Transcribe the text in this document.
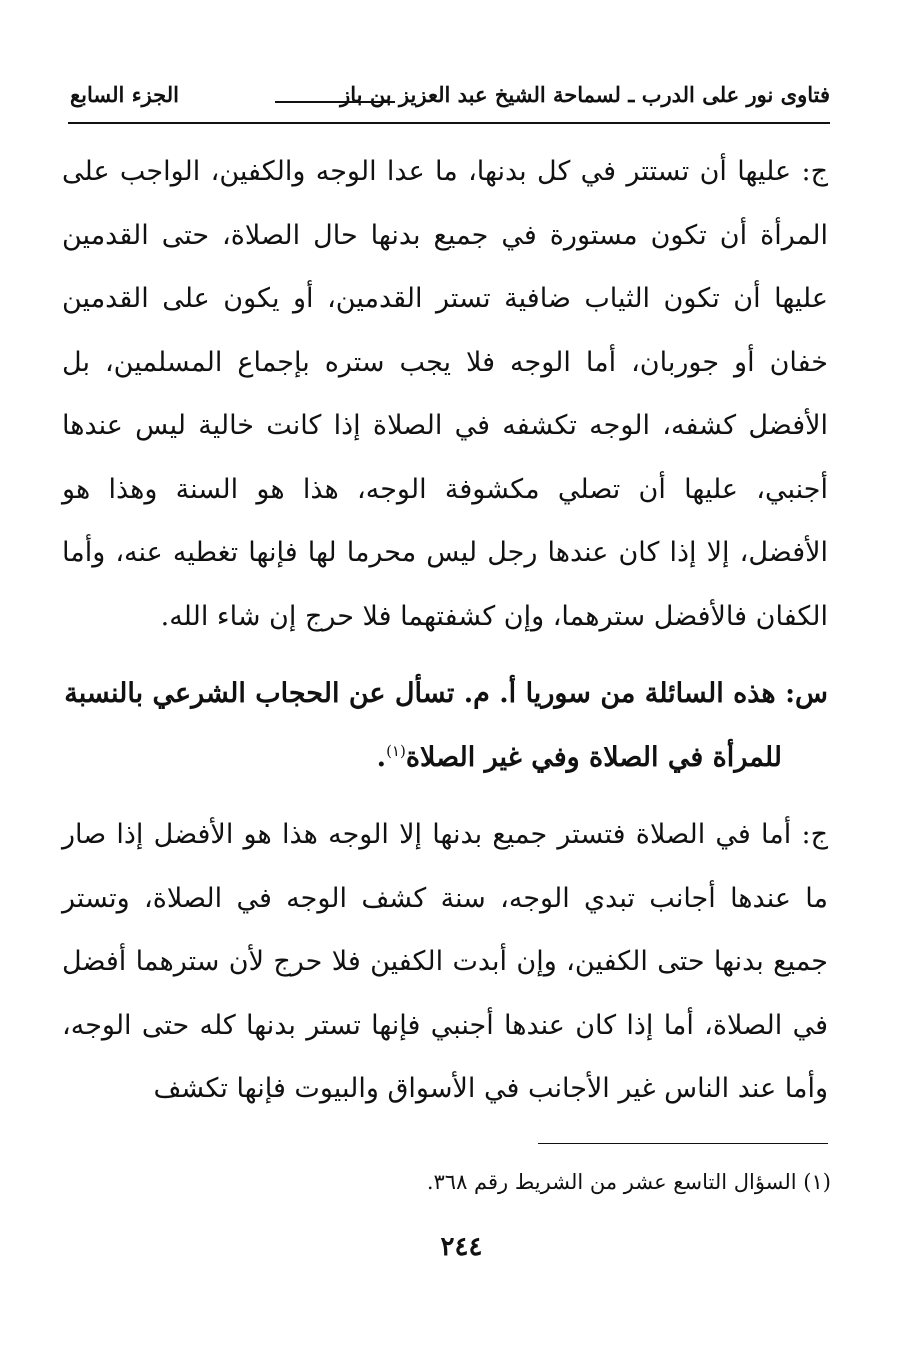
فتاوى نور على الدرب ـ لسماحة الشيخ عبد العزيز بن باز
الجزء السابع

ج: عليها أن تستتر في كل بدنها، ما عدا الوجه والكفين، الواجب على المرأة أن تكون مستورة في جميع بدنها حال الصلاة، حتى القدمين عليها أن تكون الثياب ضافية تستر القدمين، أو يكون على القدمين خفان أو جوربان، أما الوجه فلا يجب ستره بإجماع المسلمين، بل الأفضل كشفه، الوجه تكشفه في الصلاة إذا كانت خالية ليس عندها أجنبي، عليها أن تصلي مكشوفة الوجه، هذا هو السنة وهذا هو الأفضل، إلا إذا كان عندها رجل ليس محرما لها فإنها تغطيه عنه، وأما الكفان فالأفضل سترهما، وإن كشفتهما فلا حرج إن شاء الله.

س: هذه السائلة من سوريا أ. م. تسأل عن الحجاب الشرعي بالنسبة
للمرأة في الصلاة وفي غير الصلاة$^{(١)}$.

ج: أما في الصلاة فتستر جميع بدنها إلا الوجه هذا هو الأفضل إذا صار ما عندها أجانب تبدي الوجه، سنة كشف الوجه في الصلاة، وتستر جميع بدنها حتى الكفين، وإن أبدت الكفين فلا حرج لأن سترهما أفضل في الصلاة، أما إذا كان عندها أجنبي فإنها تستر بدنها كله حتى الوجه، وأما عند الناس غير الأجانب في الأسواق والبيوت فإنها تكشف

(١) السؤال التاسع عشر من الشريط رقم ٣٦٨.
٢٤٤
